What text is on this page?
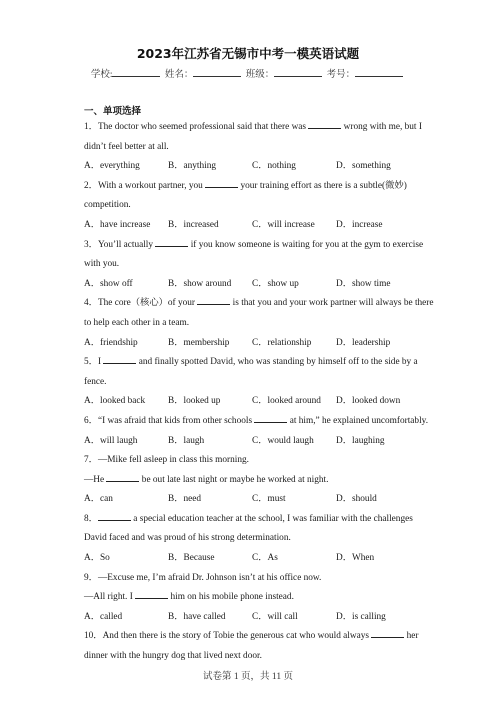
2023年江苏省无锡市中考一模英语试题
学校:	姓名：	班级：	考号：
一、单项选择
1．The doctor who seemed professional said that there was	wrong with me, but I
didn’t feel better at all.
A．everything	B．anything	C．nothing	D．something
2．With a workout partner, you	your training effort as there is a subtle(微妙)
competition.
A．have increase	B．increased	C．will increase	D．increase
3．You’ll actually	if you know someone is waiting for you at the gym to exercise
with you.
A．show off	B．show around	C．show up	D．show time
4．The core（核心）of your	is that you and your work partner will always be there
to help each other in a team.
A．friendship	B．membership	C．relationship	D．leadership
5．I	and finally spotted David, who was standing by himself off to the side by a
fence.
A．looked back	B．looked up	C．looked around	D．looked down
6．“I was afraid that kids from other schools	at him,” he explained uncomfortably.
A．will laugh	B．laugh	C．would laugh	D．laughing
7．—Mike fell asleep in class this morning.
—He	be out late last night or maybe he worked at night.
A．can	B．need	C．must	D．should
8．	a special education teacher at the school, I was familiar with the challenges
David faced and was proud of his strong determination.
A．So	B．Because	C．As	D．When
9．—Excuse me, I’m afraid Dr. Johnson isn’t at his office now.
—All right. I	him on his mobile phone instead.
A．called	B．have called	C．will call	D．is calling
10．And then there is the story of Tobie the generous cat who would always	her
dinner with the hungry dog that lived next door.
试卷第 1 页，共 11 页
